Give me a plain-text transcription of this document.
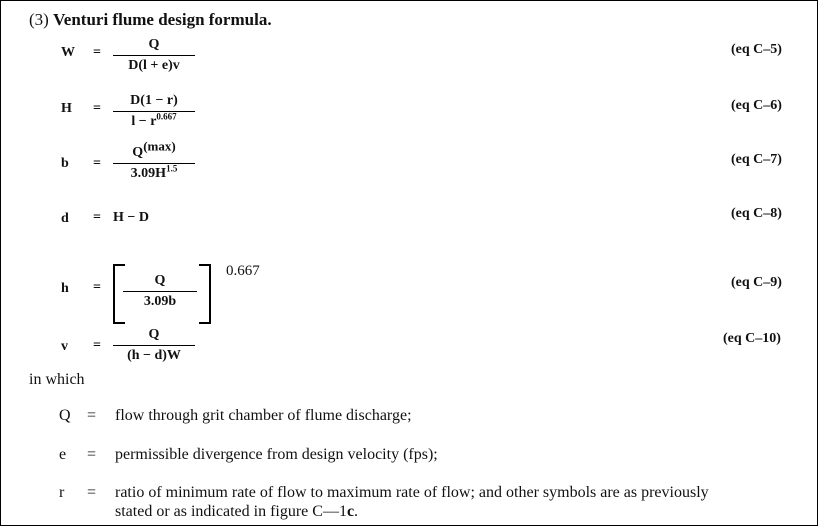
(3) Venturi flume design formula.
W =
Q
D(l + e)v
(eq C–5)
H =
D(1 − r)
$l - r^{0.667}$
(eq C–6)
b =
$Q^{(max)}$
$3.09H^{1.5}$
(eq C–7)
d = H − D	(eq C–8)
h =	Q
3.09b
0.667
(eq C–9)
v =
Q
(h − d)W
(eq C–10)
in which
Q = flow through grit chamber of flume discharge;
e = permissible divergence from design velocity (fps);
r = ratio of minimum rate of flow to maximum rate of flow; and other symbols are as previously
stated or as indicated in figure C—1c.
